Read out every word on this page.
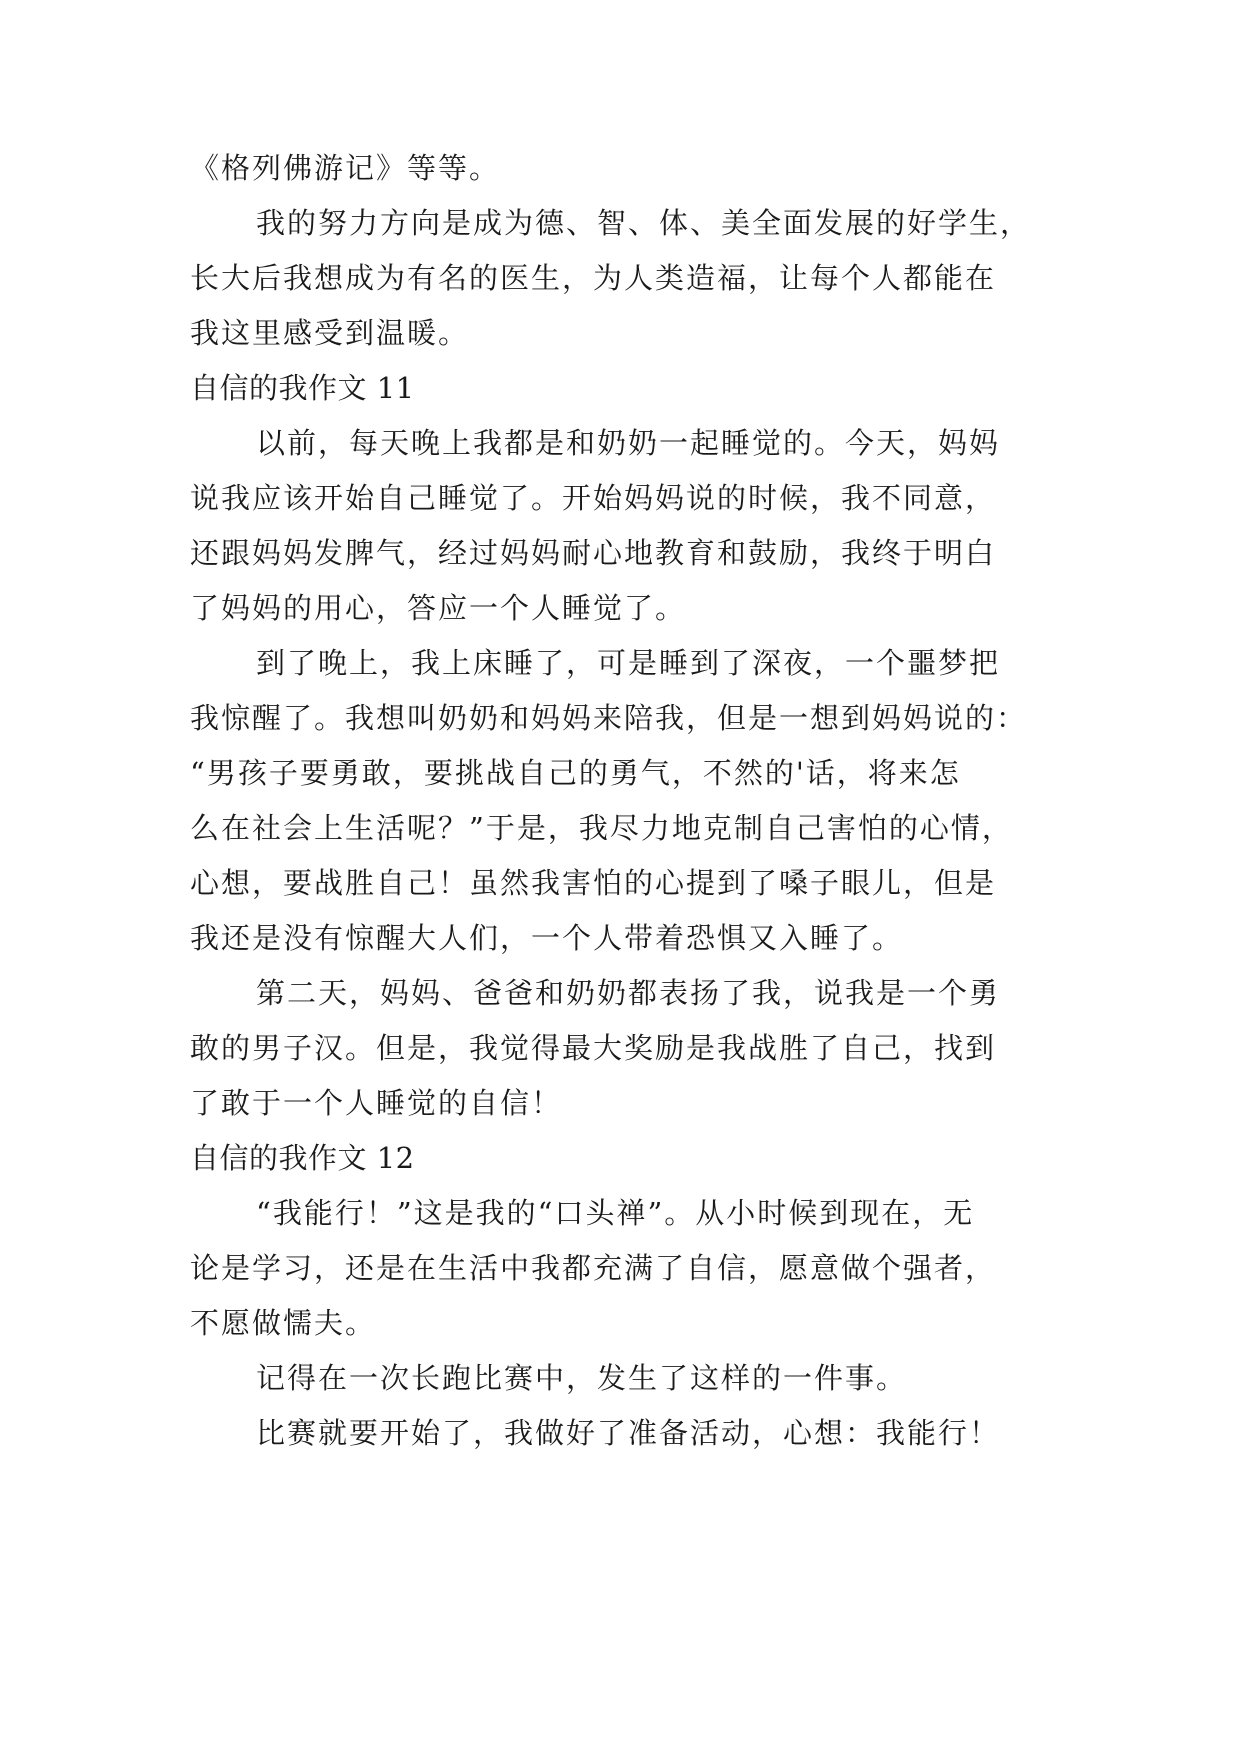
《格列佛游记》等等。
我的努力方向是成为德、智、体、美全面发展的好学生，
长大后我想成为有名的医生，为人类造福，让每个人都能在
我这里感受到温暖。
自信的我作文 11
以前，每天晚上我都是和奶奶一起睡觉的。今天，妈妈
说我应该开始自己睡觉了。开始妈妈说的时候，我不同意，
还跟妈妈发脾气，经过妈妈耐心地教育和鼓励，我终于明白
了妈妈的用心，答应一个人睡觉了。
到了晚上，我上床睡了，可是睡到了深夜，一个噩梦把
我惊醒了。我想叫奶奶和妈妈来陪我，但是一想到妈妈说的：
“男孩子要勇敢，要挑战自己的勇气，不然的'话，将来怎
么在社会上生活呢？”于是，我尽力地克制自己害怕的心情，
心想，要战胜自己！虽然我害怕的心提到了嗓子眼儿，但是
我还是没有惊醒大人们，一个人带着恐惧又入睡了。
第二天，妈妈、爸爸和奶奶都表扬了我，说我是一个勇
敢的男子汉。但是，我觉得最大奖励是我战胜了自己，找到
了敢于一个人睡觉的自信！
自信的我作文 12
“我能行！”这是我的“口头禅”。从小时候到现在，无
论是学习，还是在生活中我都充满了自信，愿意做个强者，
不愿做懦夫。
记得在一次长跑比赛中，发生了这样的一件事。
比赛就要开始了，我做好了准备活动，心想：我能行！
